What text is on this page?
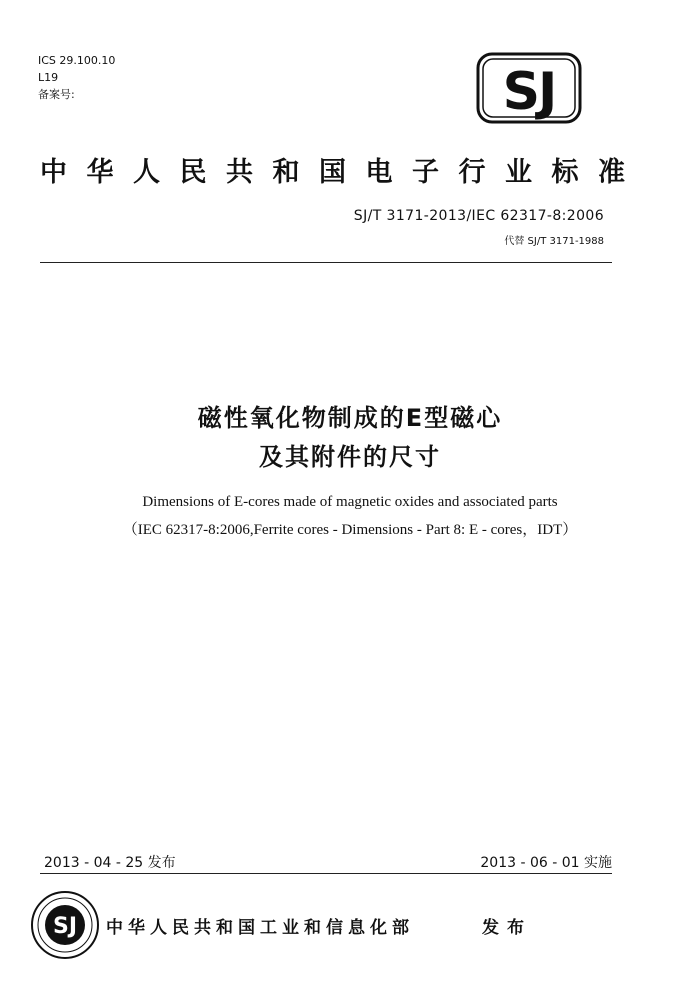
ICS 29.100.10
L19
备案号:	SJ
中华人民共和国电子行业标准
SJ/T 3171-2013/IEC 62317-8:2006
代替 SJ/T 3171-1988
磁性氧化物制成的E型磁心
及其附件的尺寸
Dimensions of E-cores made of magnetic oxides and associated parts
（IEC 62317-8:2006,Ferrite cores - Dimensions - Part 8: E - cores，IDT）
2013 - 04 - 25 发布	2013 - 06 - 01 实施
SJ 中华人民共和国工业和信息化部	发布
